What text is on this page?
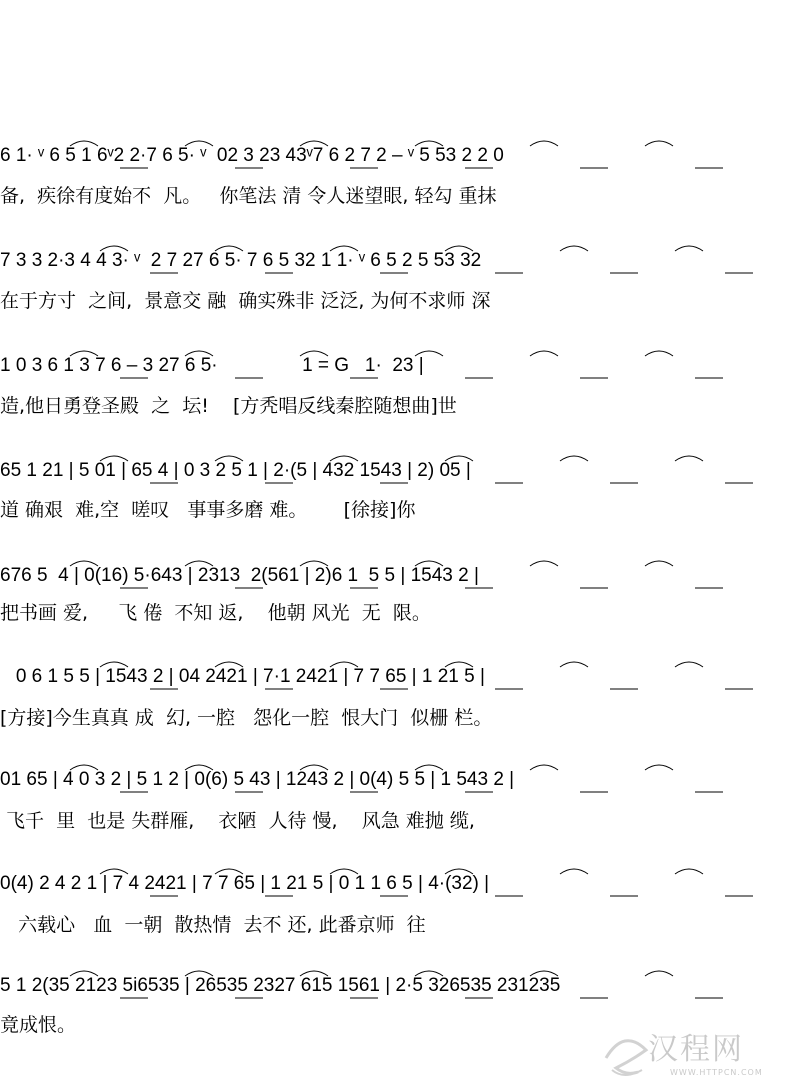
6 1· ᵛ 6 5 1 6ᵛ2 2·7 6 5· ᵛ  02 3 23 43ᵛ7 6 2 7 2 – ᵛ 5 53 2 2 0
备,  疾徐有度始不  凡。   你笔法 清 令人迷望眼, 轻勾 重抹
7 3 3 2·3 4 4 3· ᵛ  2 7 27 6 5· 7 6 5 32 1 1· ᵛ 6 5 2 5 53 32
在于方寸  之间,  景意交 融  确实殊非 泛泛, 为何不求师 深
1 0 3 6 1 3 7 6 – 3 27 6 5·                1 = G   1·  23 |
造,他日勇登圣殿  之  坛!    [方秃唱反线秦腔随想曲]世
65 1 21 | 5 01 | 65 4 | 0 3 2 5 1 | 2·(5 | 432 1543 | 2) 05 |
道 确艰  难,空  嗟叹   事事多磨 难。      [徐接]你
676 5  4 | 0(16) 5·643 | 2313  2(561 | 2)6 1  5 5 | 1543 2 |
把书画 爱,     飞 倦  不知 返,    他朝 风光  无  限。
0 6 1 5 5 | 1543 2 | 04 2421 | 7·1 2421 | 7 7 65 | 1 21 5 |
[方接]今生真真 成  幻, 一腔   怨化一腔  恨大门  似栅 栏。
01 65 | 4 0 3 2 | 5 1 2 | 0(6) 5 43 | 1243 2 | 0(4) 5 5 | 1 543 2 |
飞千  里  也是 失群雁,    衣陋  人待 慢,    风急 难抛 缆,
0(4) 2 4 2 1 | 7 4 2421 | 7 7 65 | 1 21 5 | 0 1 1 6 5 | 4·(32) |
六载心   血  一朝  散热情  去不 还, 此番京师  往
5 1 2(35 2123 5i6535 | 26535 2327 615 1561 | 2·5 326535 231235
竟成恨。
汉程网
WWW.HTTPCN.COM
